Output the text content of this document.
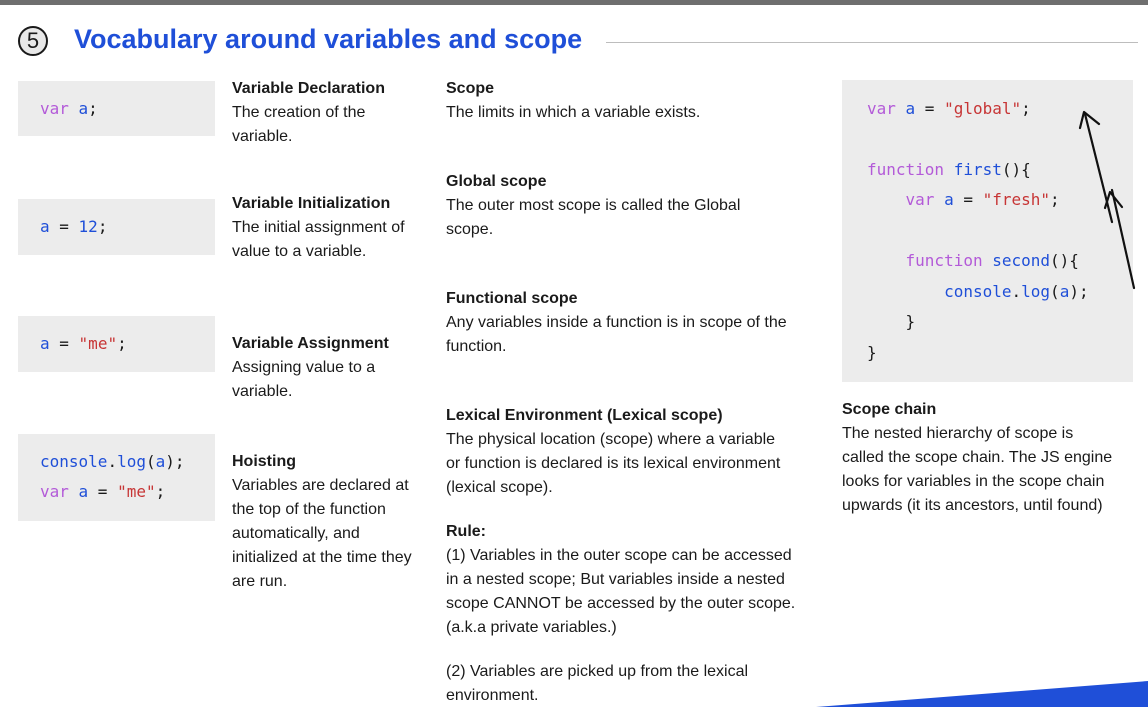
5	Vocabulary around variables and scope
var a;
a = 12;
a = "me";
console.log(a);
var a = "me";
Variable Declaration
The creation of the variable.
Variable Initialization
The initial assignment of value to a variable.
Variable Assignment
Assigning value to a variable.
Hoisting
Variables are declared at the top of the function automatically, and initialized at the time they are run.
Scope
The limits in which a variable exists.
Global scope
The outer most scope is called the Global scope.
Functional scope
Any variables inside a function is in scope of the function.
Lexical Environment (Lexical scope)
The physical location (scope) where a variable or function is declared is its lexical environment (lexical scope).
Rule:
(1) Variables in the outer scope can be accessed in a nested scope; But variables inside a nested scope CANNOT be accessed by the outer scope. (a.k.a private variables.)
(2) Variables are picked up from the lexical environment.
var a = "global";
function first(){
var a = "fresh";
function second(){
console.log(a);
}
}
Scope chain
The nested hierarchy of scope is called the scope chain. The JS engine looks for variables in the scope chain upwards (it its ancestors, until found)
